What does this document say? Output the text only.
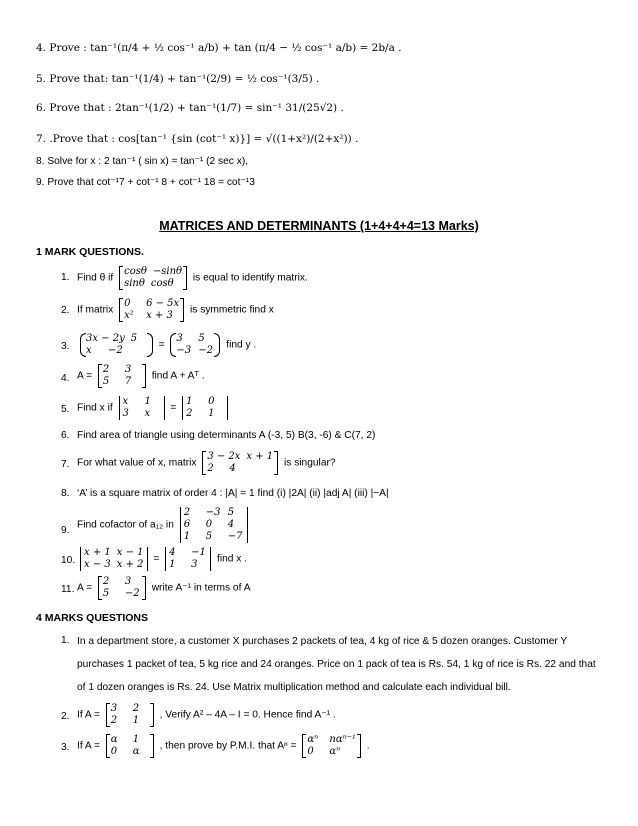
4. Prove : tan⁻¹(π/4 + ½ cos⁻¹ a/b) + tan (π/4 − ½ cos⁻¹ a/b) = 2b/a .
5. Prove that: tan⁻¹(1/4) + tan⁻¹(2/9) = ½ cos⁻¹(3/5) .
6. Prove that : 2tan⁻¹(1/2) + tan⁻¹(1/7) = sin⁻¹ 31/(25√2) .
7. .Prove that : cos[tan⁻¹ {sin (cot⁻¹ x)}] = √((1+x²)/(2+x²)) .
8. Solve for x : 2 tan⁻¹ ( sin x) = tan⁻¹ (2 sec x),
9. Prove that cot⁻¹7 + cot⁻¹ 8 + cot⁻¹ 18 = cot⁻¹3
MATRICES AND DETERMINANTS (1+4+4+4=13 Marks)
1 MARK QUESTIONS.
1. Find θ if
cosθ −sinθ
sinθ cosθ	is equal to identify matrix.
2. If matrix
0 6 − 5x
x² x + 3	is symmetric find x
3.
3x − 2y 5
x −2	=
3 5
−3 −2 find y .
4. A =
2 3
5 7	find A + Aᵀ .
5. Find x if
x 1
3 x	=
1 0
2 1
6. Find area of triangle using determinants A (-3, 5) B(3, -6) & C(7, 2)
7. For what value of x, matrix
3 − 2x x + 1
2 4	is singular?
8. ‘A’ is a square matrix of order 4 : |A| = 1 find (i) |2A| (ii) |adj A| (iii) |−A|
9. Find cofactor of a₁₂ in
2 −3 5
6 0 4
1 5 −7
10.
x + 1 x − 1
x − 3 x + 2 =
4 −1
1 3	find x .
11. A =
2 3
5 −2 write A⁻¹ in terms of A
4 MARKS QUESTIONS
1. In a department store, a customer X purchases 2 packets of tea, 4 kg of rice & 5 dozen oranges. Customer Y
purchases 1 packet of tea, 5 kg rice and 24 oranges. Price on 1 pack of tea is Rs. 54, 1 kg of rice is Rs. 22 and that
of 1 dozen oranges is Rs. 24. Use Matrix multiplication method and calculate each individual bill.
2. If A =
3 2
2 1	, Verify A² – 4A – I = 0. Hence find A⁻¹ .
3. If A =
α 1
0 α	, then prove by P.M.I. that Aⁿ =
αⁿ nαⁿ⁻¹
0 αⁿ	.
